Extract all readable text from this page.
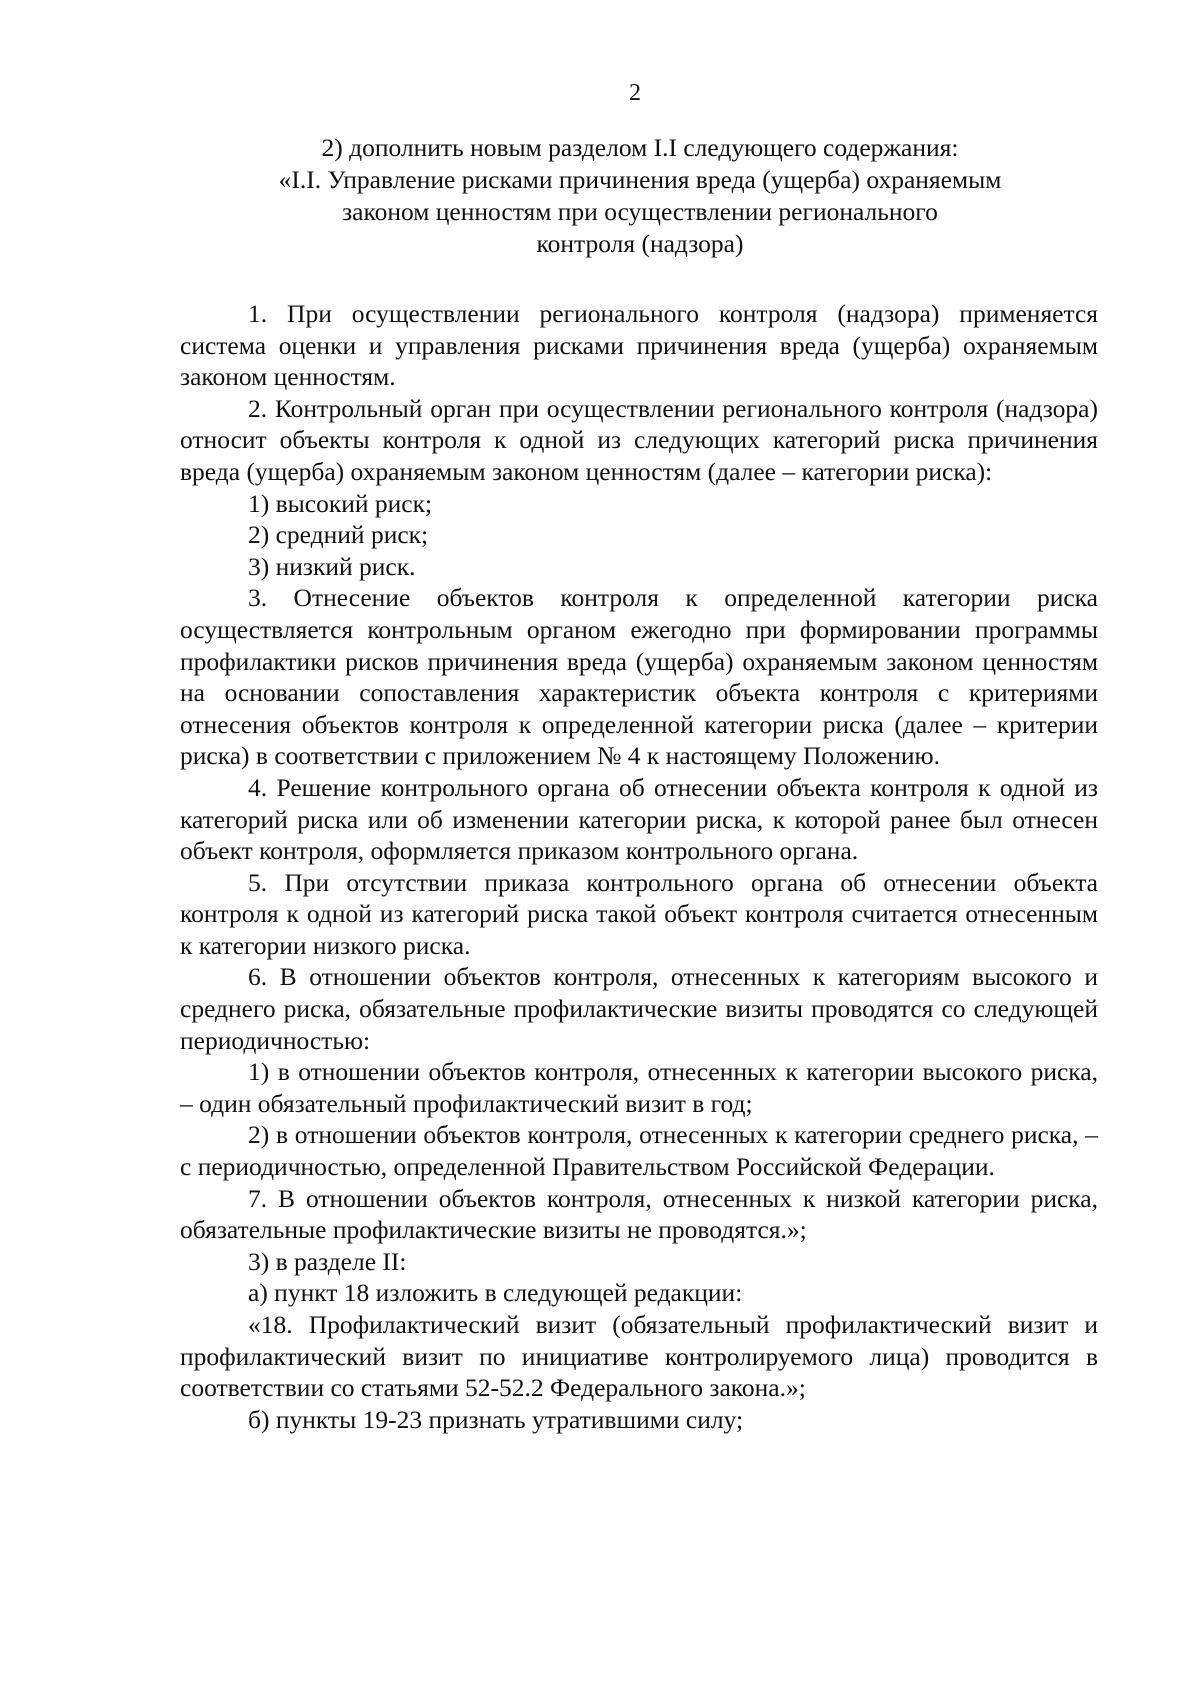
2
2) дополнить новым разделом I.I следующего содержания:
«I.I. Управление рисками причинения вреда (ущерба) охраняемым
законом ценностям при осуществлении регионального
контроля (надзора)

1. При осуществлении регионального контроля (надзора) применяется система оценки и управления рисками причинения вреда (ущерба) охраняемым законом ценностям.

2. Контрольный орган при осуществлении регионального контроля (надзора) относит объекты контроля к одной из следующих категорий риска причинения вреда (ущерба) охраняемым законом ценностям (далее – категории риска):

1) высокий риск;

2) средний риск;

3) низкий риск.

3. Отнесение объектов контроля к определенной категории риска осуществляется контрольным органом ежегодно при формировании программы профилактики рисков причинения вреда (ущерба) охраняемым законом ценностям на основании сопоставления характеристик объекта контроля с критериями отнесения объектов контроля к определенной категории риска (далее – критерии риска) в соответствии с приложением № 4 к настоящему Положению.

4. Решение контрольного органа об отнесении объекта контроля к одной из категорий риска или об изменении категории риска, к которой ранее был отнесен объект контроля, оформляется приказом контрольного органа.

5. При отсутствии приказа контрольного органа об отнесении объекта контроля к одной из категорий риска такой объект контроля считается отнесенным к категории низкого риска.

6. В отношении объектов контроля, отнесенных к категориям высокого и среднего риска, обязательные профилактические визиты проводятся со следующей периодичностью:

1) в отношении объектов контроля, отнесенных к категории высокого риска, – один обязательный профилактический визит в год;

2) в отношении объектов контроля, отнесенных к категории среднего риска, – с периодичностью, определенной Правительством Российской Федерации.

7. В отношении объектов контроля, отнесенных к низкой категории риска, обязательные профилактические визиты не проводятся.»;

3) в разделе II:

а) пункт 18 изложить в следующей редакции:

«18. Профилактический визит (обязательный профилактический визит и профилактический визит по инициативе контролируемого лица) проводится в соответствии со статьями 52-52.2 Федерального закона.»;

б) пункты 19-23 признать утратившими силу;
